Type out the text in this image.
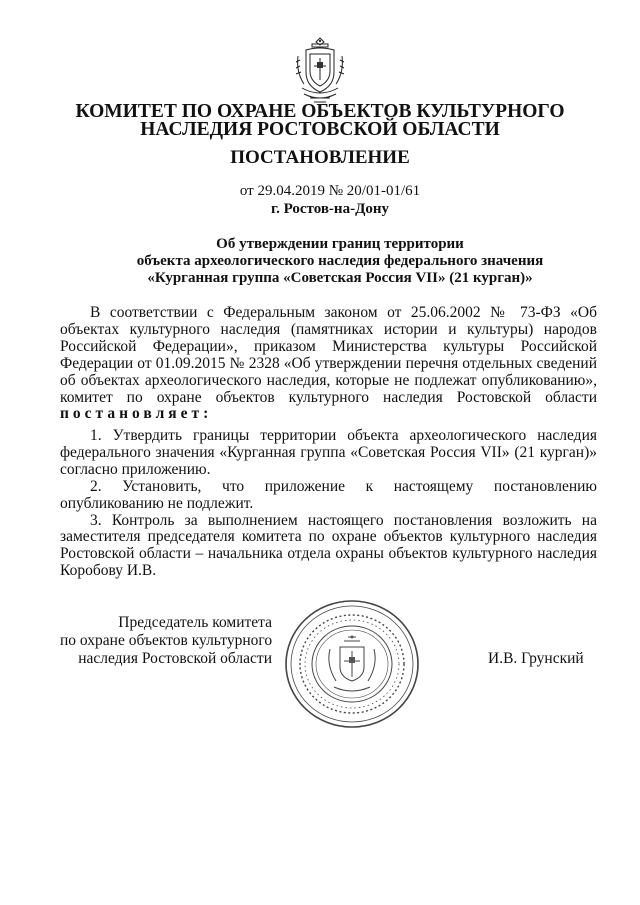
КОМИТЕТ ПО ОХРАНЕ ОБЪЕКТОВ КУЛЬТУРНОГО

НАСЛЕДИЯ РОСТОВСКОЙ ОБЛАСТИ

ПОСТАНОВЛЕНИЕ

от 29.04.2019 № 20/01-01/61

г. Ростов-на-Дону

Об утверждении границ территории

объекта археологического наследия федерального значения

«Курганная группа «Советская Россия VII» (21 курган)»

В соответствии с Федеральным законом от 25.06.2002 № 73-ФЗ «Об объектах культурного наследия (памятниках истории и культуры) народов Российской Федерации», приказом Министерства культуры Российской Федерации от 01.09.2015 № 2328 «Об утверждении перечня отдельных сведений об объектах археологического наследия, которые не подлежат опубликованию», комитет по охране объектов культурного наследия Ростовской области постановляет:

1. Утвердить границы территории объекта археологического наследия федерального значения «Курганная группа «Советская Россия VII» (21 курган)» согласно приложению.

2. Установить, что приложение к настоящему постановлению опубликованию не подлежит.

3. Контроль за выполнением настоящего постановления возложить на заместителя председателя комитета по охране объектов культурного наследия Ростовской области – начальника отдела охраны объектов культурного наследия Коробову И.В.

Председатель комитета
по охране объектов культурного
наследия Ростовской области	И.В. Грунский
